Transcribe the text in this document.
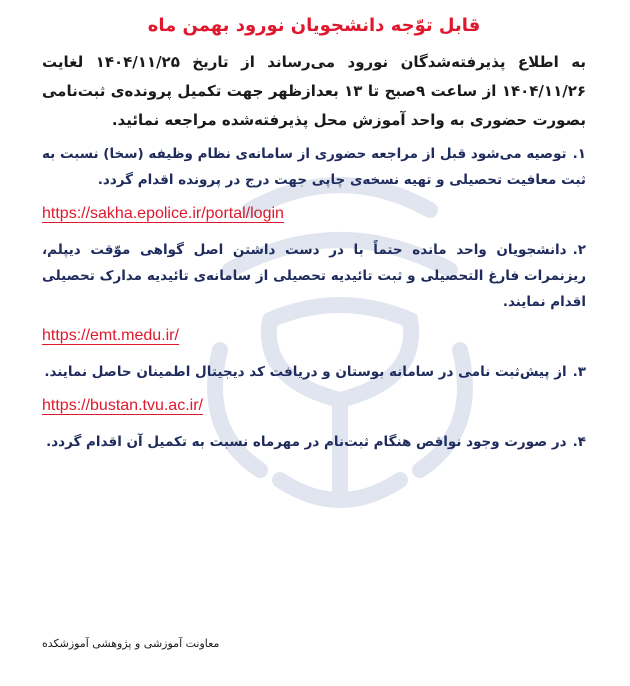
قابل توّجه دانشجویان نورود بهمن ماه
به اطلاع پذیرفته‌شدگان نورود می‌رساند از تاریخ ۱۴۰۴/۱۱/۲۵ لغایت ۱۴۰۴/۱۱/۲۶ از ساعت ۹صبح تا ۱۳ بعدازظهر جهت تکمیل پرونده‌ی ثبت‌نامی بصورت حضوری به واحد آموزش محل پذیرفته‌شده مراجعه نمائید.
۱.توصیه می‌شود قبل از مراجعه حضوری از سامانه‌ی نظام وظیفه (سخا) نسبت به ثبت معافیت تحصیلی و تهیه نسخه‌ی چاپی جهت درج در پرونده اقدام گردد.
https://sakha.epolice.ir/portal/login
۲.دانشجویان واحد مانده حتماً با در دست داشتن اصل گواهی موّقت دیپلم، ریزنمرات فارغ التحصیلی و ثبت تائیدیه تحصیلی از سامانه‌ی تائیدیه مدارک تحصیلی اقدام نمایند.
https://emt.medu.ir/
۳.از پیش‌ثبت نامی در سامانه بوستان و دریافت کد دیجیتال اطمینان حاصل نمایند.
https://bustan.tvu.ac.ir/
۴.در صورت وجود نواقص هنگام ثبت‌نام در مهرماه نسبت به تکمیل آن اقدام گردد.
معاونت آموزشی و پژوهشی آموزشکده
